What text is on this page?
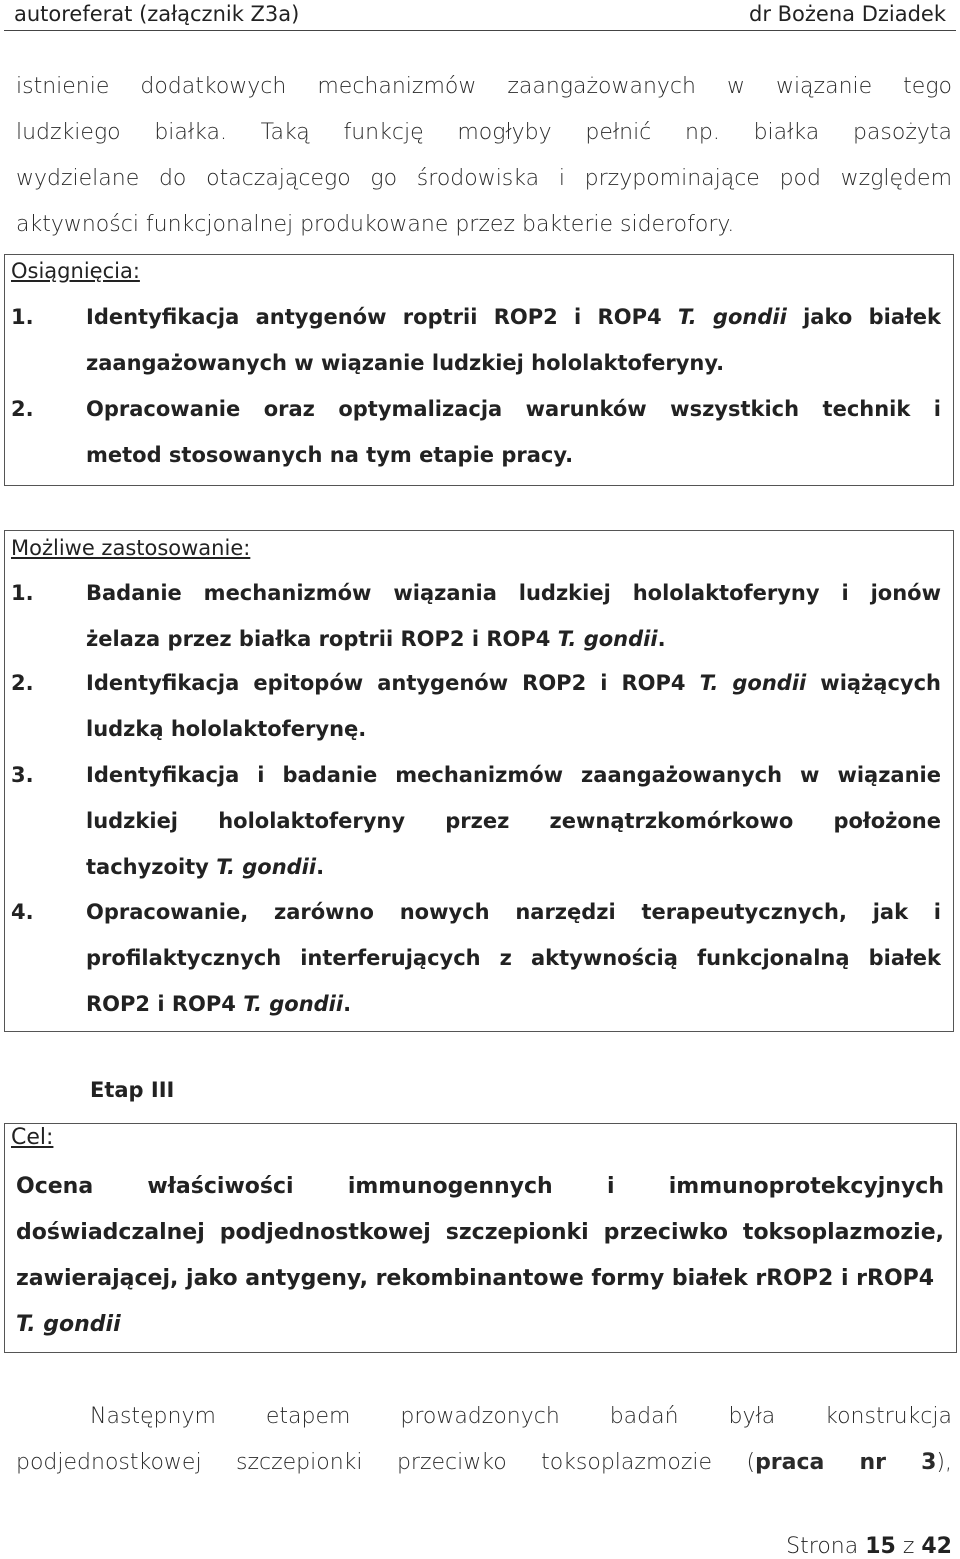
autoreferat (załącznik Z3a)	dr Bożena Dziadek
istnienie dodatkowych mechanizmów zaangażowanych w wiązanie tego
ludzkiego białka. Taką funkcję mogłyby pełnić np. białka pasożyta
wydzielane do otaczającego go środowiska i przypominające pod względem
aktywności funkcjonalnej produkowane przez bakterie siderofory.
Osiągnięcia:
1.	Identyfikacja antygenów roptrii ROP2 i ROP4 T. gondii jako białek
zaangażowanych w wiązanie ludzkiej hololaktoferyny.
2.	Opracowanie oraz optymalizacja warunków wszystkich technik i
metod stosowanych na tym etapie pracy.
Możliwe zastosowanie:
1.	Badanie mechanizmów wiązania ludzkiej hololaktoferyny i jonów
żelaza przez białka roptrii ROP2 i ROP4 T. gondii.
2.	Identyfikacja epitopów antygenów ROP2 i ROP4 T. gondii wiążących
ludzką hololaktoferynę.
3.	Identyfikacja i badanie mechanizmów zaangażowanych w wiązanie
ludzkiej hololaktoferyny przez zewnątrzkomórkowo położone
tachyzoity T. gondii.
4.	Opracowanie, zarówno nowych narzędzi terapeutycznych, jak i
profilaktycznych interferujących z aktywnością funkcjonalną białek
ROP2 i ROP4 T. gondii.
Etap III
Cel:
Ocena właściwości immunogennych i immunoprotekcyjnych
doświadczalnej podjednostkowej szczepionki przeciwko toksoplazmozie,
zawierającej, jako antygeny, rekombinantowe formy białek rROP2 i rROP4
T. gondii
Następnym etapem prowadzonych badań była konstrukcja
podjednostkowej szczepionki przeciwko toksoplazmozie (praca nr 3),
Strona 15 z 42
